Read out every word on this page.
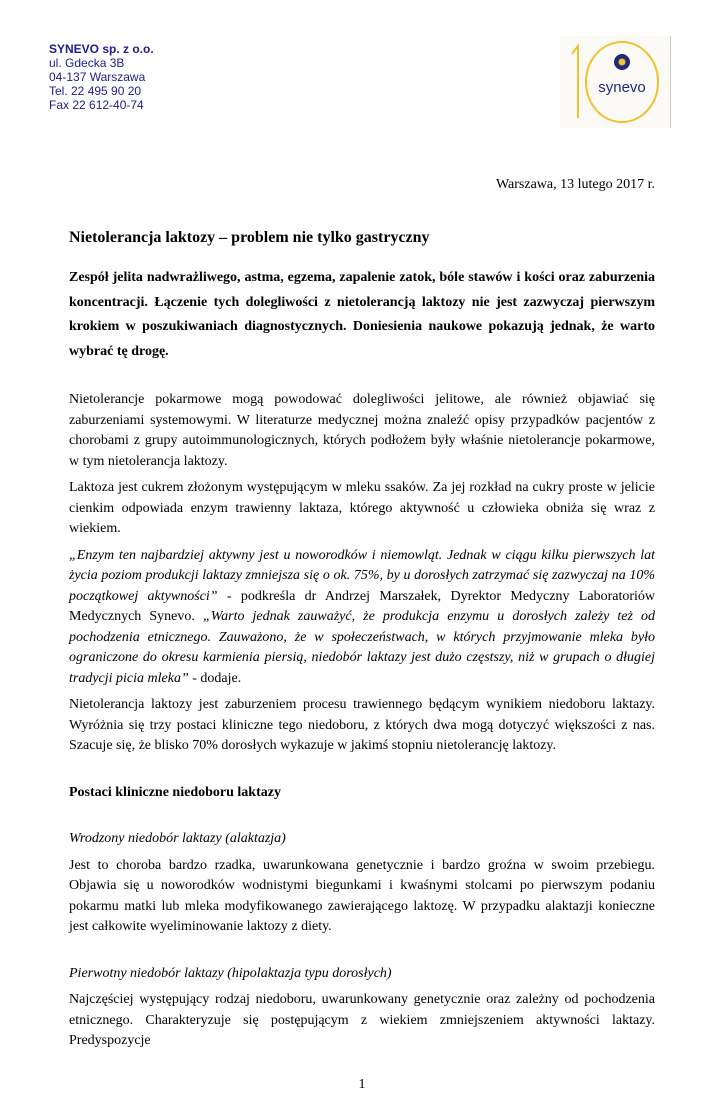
SYNEVO sp. z o.o.
ul. Gdecka 3B
04-137 Warszawa
Tel. 22 495 90 20
Fax 22 612-40-74
synevo
Warszawa, 13 lutego 2017 r.
Nietolerancja laktozy – problem nie tylko gastryczny
Zespół jelita nadwrażliwego, astma, egzema, zapalenie zatok, bóle stawów i kości oraz zaburzenia koncentracji. Łączenie tych dolegliwości z nietolerancją laktozy nie jest zazwyczaj pierwszym krokiem w poszukiwaniach diagnostycznych. Doniesienia naukowe pokazują jednak, że warto wybrać tę drogę.

Nietolerancje pokarmowe mogą powodować dolegliwości jelitowe, ale również objawiać się zaburzeniami systemowymi. W literaturze medycznej można znaleźć opisy przypadków pacjentów z chorobami z grupy autoimmunologicznych, których podłożem były właśnie nietolerancje pokarmowe, w tym nietolerancja laktozy.

Laktoza jest cukrem złożonym występującym w mleku ssaków. Za jej rozkład na cukry proste w jelicie cienkim odpowiada enzym trawienny laktaza, którego aktywność u człowieka obniża się wraz z wiekiem.

„Enzym ten najbardziej aktywny jest u noworodków i niemowląt. Jednak w ciągu kilku pierwszych lat życia poziom produkcji laktazy zmniejsza się o ok. 75%, by u dorosłych zatrzymać się zazwyczaj na 10% początkowej aktywności” - podkreśla dr Andrzej Marszałek, Dyrektor Medyczny Laboratoriów Medycznych Synevo. „Warto jednak zauważyć, że produkcja enzymu u dorosłych zależy też od pochodzenia etnicznego. Zauważono, że w społeczeństwach, w których przyjmowanie mleka było ograniczone do okresu karmienia piersią, niedobór laktazy jest dużo częstszy, niż w grupach o długiej tradycji picia mleka” - dodaje.

Nietolerancja laktozy jest zaburzeniem procesu trawiennego będącym wynikiem niedoboru laktazy. Wyróżnia się trzy postaci kliniczne tego niedoboru, z których dwa mogą dotyczyć większości z nas. Szacuje się, że blisko 70% dorosłych wykazuje w jakimś stopniu nietolerancję laktozy.

Postaci kliniczne niedoboru laktazy
Wrodzony niedobór laktazy (alaktazja)
Jest to choroba bardzo rzadka, uwarunkowana genetycznie i bardzo groźna w swoim przebiegu. Objawia się u noworodków wodnistymi biegunkami i kwaśnymi stolcami po pierwszym podaniu pokarmu matki lub mleka modyfikowanego zawierającego laktozę. W przypadku alaktazji konieczne jest całkowite wyeliminowanie laktozy z diety.
Pierwotny niedobór laktazy (hipolaktazja typu dorosłych)
Najczęściej występujący rodzaj niedoboru, uwarunkowany genetycznie oraz zależny od pochodzenia etnicznego. Charakteryzuje się postępującym z wiekiem zmniejszeniem aktywności laktazy. Predyspozycje
1
